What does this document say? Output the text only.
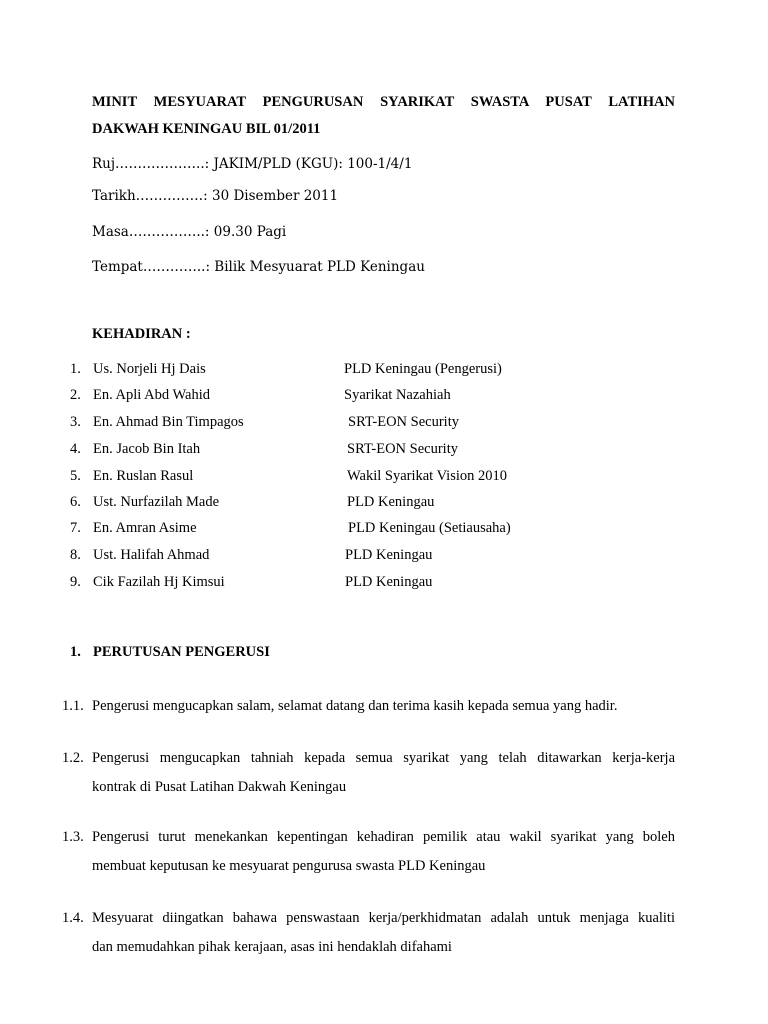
MINIT MESYUARAT PENGURUSAN SYARIKAT SWASTA PUSAT LATIHAN
DAKWAH KENINGAU BIL 01/2011
Ruj………………..: JAKIM/PLD (KGU): 100-1/4/1
Tarikh……………: 30 Disember 2011
Masa……………..: 09.30 Pagi
Tempat…………..: Bilik Mesyuarat PLD Keningau
KEHADIRAN :
1. Us. Norjeli Hj Dais	PLD Keningau (Pengerusi)
2. En. Apli Abd Wahid	Syarikat Nazahiah
3. En. Ahmad Bin Timpagos	SRT-EON Security
4. En. Jacob Bin Itah	SRT-EON Security
5. En. Ruslan Rasul	Wakil Syarikat Vision 2010
6. Ust. Nurfazilah Made	PLD Keningau
7. En. Amran Asime	PLD Keningau (Setiausaha)
8. Ust. Halifah Ahmad	PLD Keningau
9. Cik Fazilah Hj Kimsui	PLD Keningau
1. PERUTUSAN PENGERUSI
1.1. Pengerusi mengucapkan salam, selamat datang dan terima kasih kepada semua yang hadir.
1.2. Pengerusi mengucapkan tahniah kepada semua syarikat yang telah ditawarkan kerja-kerja
kontrak di Pusat Latihan Dakwah Keningau
1.3. Pengerusi turut menekankan kepentingan kehadiran pemilik atau wakil syarikat yang boleh
membuat keputusan ke mesyuarat pengurusa swasta PLD Keningau
1.4. Mesyuarat diingatkan bahawa penswastaan kerja/perkhidmatan adalah untuk menjaga kualiti
dan memudahkan pihak kerajaan, asas ini hendaklah difahami
